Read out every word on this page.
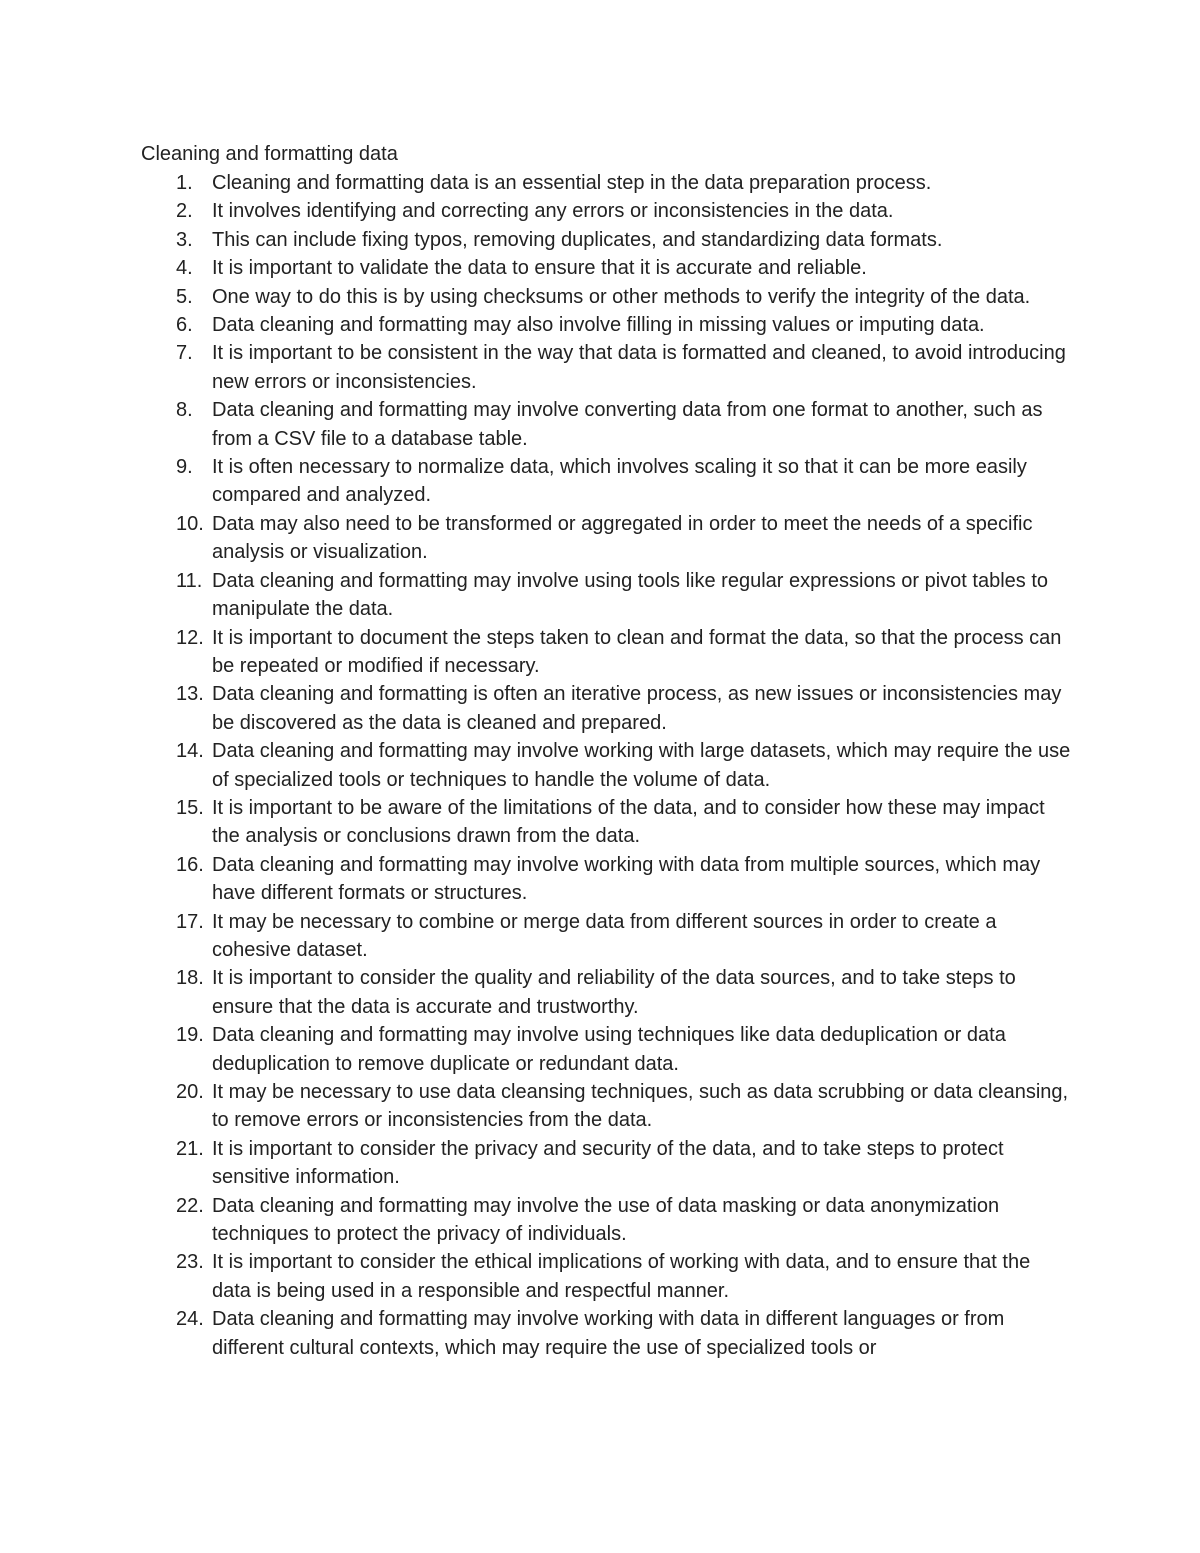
Cleaning and formatting data
1. Cleaning and formatting data is an essential step in the data preparation process.
2. It involves identifying and correcting any errors or inconsistencies in the data.
3. This can include fixing typos, removing duplicates, and standardizing data formats.
4. It is important to validate the data to ensure that it is accurate and reliable.
5. One way to do this is by using checksums or other methods to verify the integrity of the data.
6. Data cleaning and formatting may also involve filling in missing values or imputing data.
7. It is important to be consistent in the way that data is formatted and cleaned, to avoid introducing new errors or inconsistencies.
8. Data cleaning and formatting may involve converting data from one format to another, such as from a CSV file to a database table.
9. It is often necessary to normalize data, which involves scaling it so that it can be more easily compared and analyzed.
10. Data may also need to be transformed or aggregated in order to meet the needs of a specific analysis or visualization.
11. Data cleaning and formatting may involve using tools like regular expressions or pivot tables to manipulate the data.
12. It is important to document the steps taken to clean and format the data, so that the process can be repeated or modified if necessary.
13. Data cleaning and formatting is often an iterative process, as new issues or inconsistencies may be discovered as the data is cleaned and prepared.
14. Data cleaning and formatting may involve working with large datasets, which may require the use of specialized tools or techniques to handle the volume of data.
15. It is important to be aware of the limitations of the data, and to consider how these may impact the analysis or conclusions drawn from the data.
16. Data cleaning and formatting may involve working with data from multiple sources, which may have different formats or structures.
17. It may be necessary to combine or merge data from different sources in order to create a cohesive dataset.
18. It is important to consider the quality and reliability of the data sources, and to take steps to ensure that the data is accurate and trustworthy.
19. Data cleaning and formatting may involve using techniques like data deduplication or data deduplication to remove duplicate or redundant data.
20. It may be necessary to use data cleansing techniques, such as data scrubbing or data cleansing, to remove errors or inconsistencies from the data.
21. It is important to consider the privacy and security of the data, and to take steps to protect sensitive information.
22. Data cleaning and formatting may involve the use of data masking or data anonymization techniques to protect the privacy of individuals.
23. It is important to consider the ethical implications of working with data, and to ensure that the data is being used in a responsible and respectful manner.
24. Data cleaning and formatting may involve working with data in different languages or from different cultural contexts, which may require the use of specialized tools or
